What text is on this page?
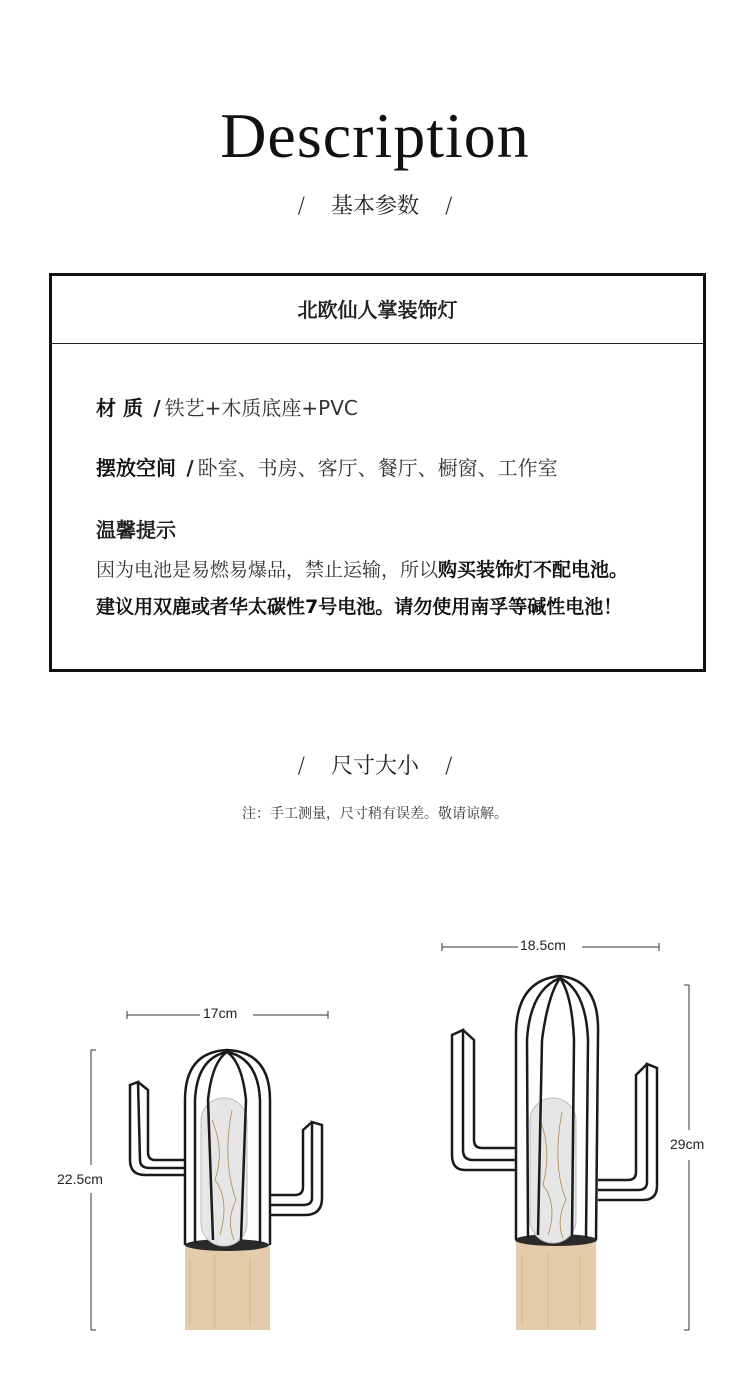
Description
/ 基本参数 /
北欧仙人掌装饰灯
材 质 / 铁艺+木质底座+PVC
摆放空间 / 卧室、书房、客厅、餐厅、橱窗、工作室
温馨提示
因为电池是易燃易爆品，禁止运输，所以购买装饰灯不配电池。
建议用双鹿或者华太碳性7号电池。请勿使用南孚等碱性电池！
/ 尺寸大小 /
注：手工测量，尺寸稍有误差。敬请谅解。
17cm
22.5cm
18.5cm
29cm
